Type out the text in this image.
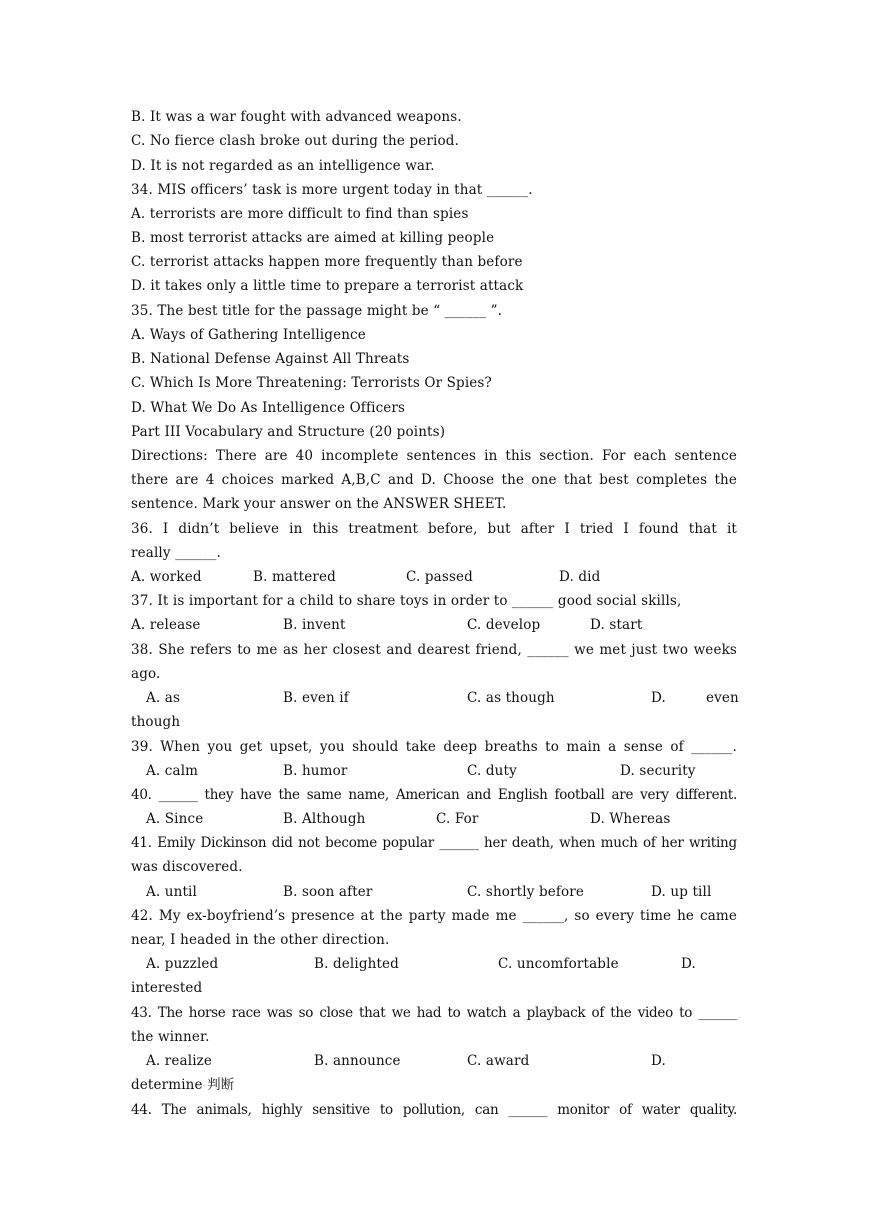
B. It was a war fought with advanced weapons.
C. No fierce clash broke out during the period.
D. It is not regarded as an intelligence war.
34. MIS officers’ task is more urgent today in that ______.
A. terrorists are more difficult to find than spies
B. most terrorist attacks are aimed at killing people
C. terrorist attacks happen more frequently than before
D. it takes only a little time to prepare a terrorist attack
35. The best title for the passage might be “ ______ ”.
A. Ways of Gathering Intelligence
B. National Defense Against All Threats
C. Which Is More Threatening: Terrorists Or Spies?
D. What We Do As Intelligence Officers
Part III Vocabulary and Structure (20 points)
Directions: There are 40 incomplete sentences in this section. For each sentence
there are 4 choices marked A,B,C and D. Choose the one that best completes the
sentence. Mark your answer on the ANSWER SHEET.
36. I didn’t believe in this treatment before, but after I tried I found that it
really ______.
A. worked	B. mattered	C. passed	D. did
37. It is important for a child to share toys in order to ______ good social skills,
A. release	B. invent	C. develop	D. start
38. She refers to me as her closest and dearest friend, ______ we met just two weeks
ago.
A. as	B. even if	C. as though	D.	even
though
39. When you get upset, you should take deep breaths to main a sense of ______.
A. calm	B. humor	C. duty	D. security
40. ______ they have the same name, American and English football are very different.
A. Since	B. Although	C. For	D. Whereas
41. Emily Dickinson did not become popular ______ her death, when much of her writing
was discovered.
A. until	B. soon after	C. shortly before	D. up till
42. My ex-boyfriend’s presence at the party made me ______, so every time he came
near, I headed in the other direction.
A. puzzled	B. delighted	C. uncomfortable	D.
interested
43. The horse race was so close that we had to watch a playback of the video to ______
the winner.
A. realize	B. announce	C. award	D.
determine 判断
44. The animals, highly sensitive to pollution, can ______ monitor of water quality.
